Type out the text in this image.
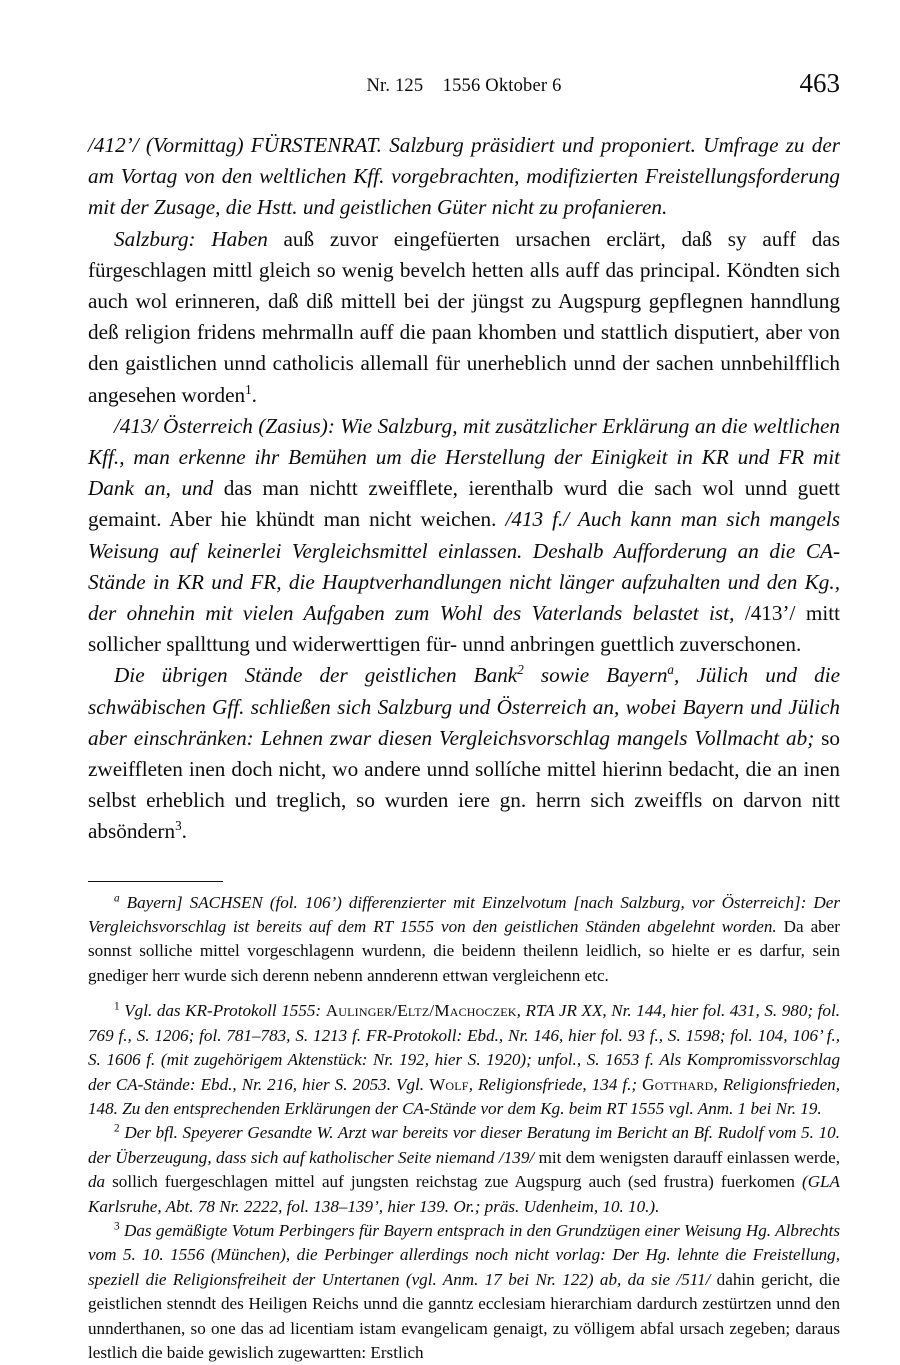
Nr. 125    1556 Oktober 6	463

/412’/ (Vormittag) FÜRSTENRAT. Salzburg präsidiert und proponiert. Umfrage zu der am Vortag von den weltlichen Kff. vorgebrachten, modifizierten Freistellungsforderung mit der Zusage, die Hstt. und geistlichen Güter nicht zu profanieren.

Salzburg: Haben auß zuvor eingefüerten ursachen erclärt, daß sy auff das fürgeschlagen mittl gleich so wenig bevelch hetten alls auff das principal. Köndten sich auch wol erinneren, daß diß mittell bei der jüngst zu Augspurg gepflegnen hanndlung deß religion fridens mehrmalln auff die paan khomben und stattlich disputiert, aber von den gaistlichen unnd catholicis allemall für unerheblich unnd der sachen unnbehilfflich angesehen worden$^1$.

/413/ Österreich (Zasius): Wie Salzburg, mit zusätzlicher Erklärung an die weltlichen Kff., man erkenne ihr Bemühen um die Herstellung der Einigkeit in KR und FR mit Dank an, und das man nichtt zweifflete, ierenthalb wurd die sach wol unnd guett gemaint. Aber hie khündt man nicht weichen. /413 f./ Auch kann man sich mangels Weisung auf keinerlei Vergleichsmittel einlassen. Deshalb Aufforderung an die CA-Stände in KR und FR, die Hauptverhandlungen nicht länger aufzuhalten und den Kg., der ohnehin mit vielen Aufgaben zum Wohl des Vaterlands belastet ist, /413’/ mitt sollicher spallttung und widerwerttigen für- unnd anbringen guettlich zuverschonen.

Die übrigen Stände der geistlichen Bank$^2$ sowie Bayern$^a$, Jülich und die schwäbischen Gff. schließen sich Salzburg und Österreich an, wobei Bayern und Jülich aber einschränken: Lehnen zwar diesen Vergleichsvorschlag mangels Vollmacht ab; so zweiffleten inen doch nicht, wo andere unnd sollíche mittel hierinn bedacht, die an inen selbst erheblich und treglich, so wurden iere gn. herrn sich zweiffls on darvon nitt absöndern$^3$.

$^a$ Bayern] SACHSEN (fol. 106’) differenzierter mit Einzelvotum [nach Salzburg, vor Österreich]: Der Vergleichsvorschlag ist bereits auf dem RT 1555 von den geistlichen Ständen abgelehnt worden. Da aber sonnst solliche mittel vorgeschlagenn wurdenn, die beidenn theilenn leidlich, so hielte er es darfur, sein gnediger herr wurde sich derenn nebenn annderenn ettwan vergleichenn etc.

$^1$ Vgl. das KR-Protokoll 1555: Aulinger/Eltz/Machoczek, RTA JR XX, Nr. 144, hier fol. 431, S. 980; fol. 769 f., S. 1206; fol. 781–783, S. 1213 f. FR-Protokoll: Ebd., Nr. 146, hier fol. 93 f., S. 1598; fol. 104, 106’ f., S. 1606 f. (mit zugehörigem Aktenstück: Nr. 192, hier S. 1920); unfol., S. 1653 f. Als Kompromissvorschlag der CA-Stände: Ebd., Nr. 216, hier S. 2053. Vgl. Wolf, Religionsfriede, 134 f.; Gotthard, Religionsfrieden, 148. Zu den entsprechenden Erklärungen der CA-Stände vor dem Kg. beim RT 1555 vgl. Anm. 1 bei Nr. 19.

$^2$ Der bfl. Speyerer Gesandte W. Arzt war bereits vor dieser Beratung im Bericht an Bf. Rudolf vom 5. 10. der Überzeugung, dass sich auf katholischer Seite niemand /139/ mit dem wenigsten darauff einlassen werde, da sollich fuergeschlagen mittel auf jungsten reichstag zue Augspurg auch (sed frustra) fuerkomen (GLA Karlsruhe, Abt. 78 Nr. 2222, fol. 138–139’, hier 139. Or.; präs. Udenheim, 10. 10.).

$^3$ Das gemäßigte Votum Perbingers für Bayern entsprach in den Grundzügen einer Weisung Hg. Albrechts vom 5. 10. 1556 (München), die Perbinger allerdings noch nicht vorlag: Der Hg. lehnte die Freistellung, speziell die Religionsfreiheit der Untertanen (vgl. Anm. 17 bei Nr. 122) ab, da sie /511/ dahin gericht, die geistlichen stenndt des Heiligen Reichs unnd die ganntz ecclesiam hierarchiam dardurch zestürtzen unnd den unnderthanen, so one das ad licentiam istam evangelicam genaigt, zu völligem abfal ursach zegeben; daraus lestlich die baide gewislich zugewartten: Erstlich
